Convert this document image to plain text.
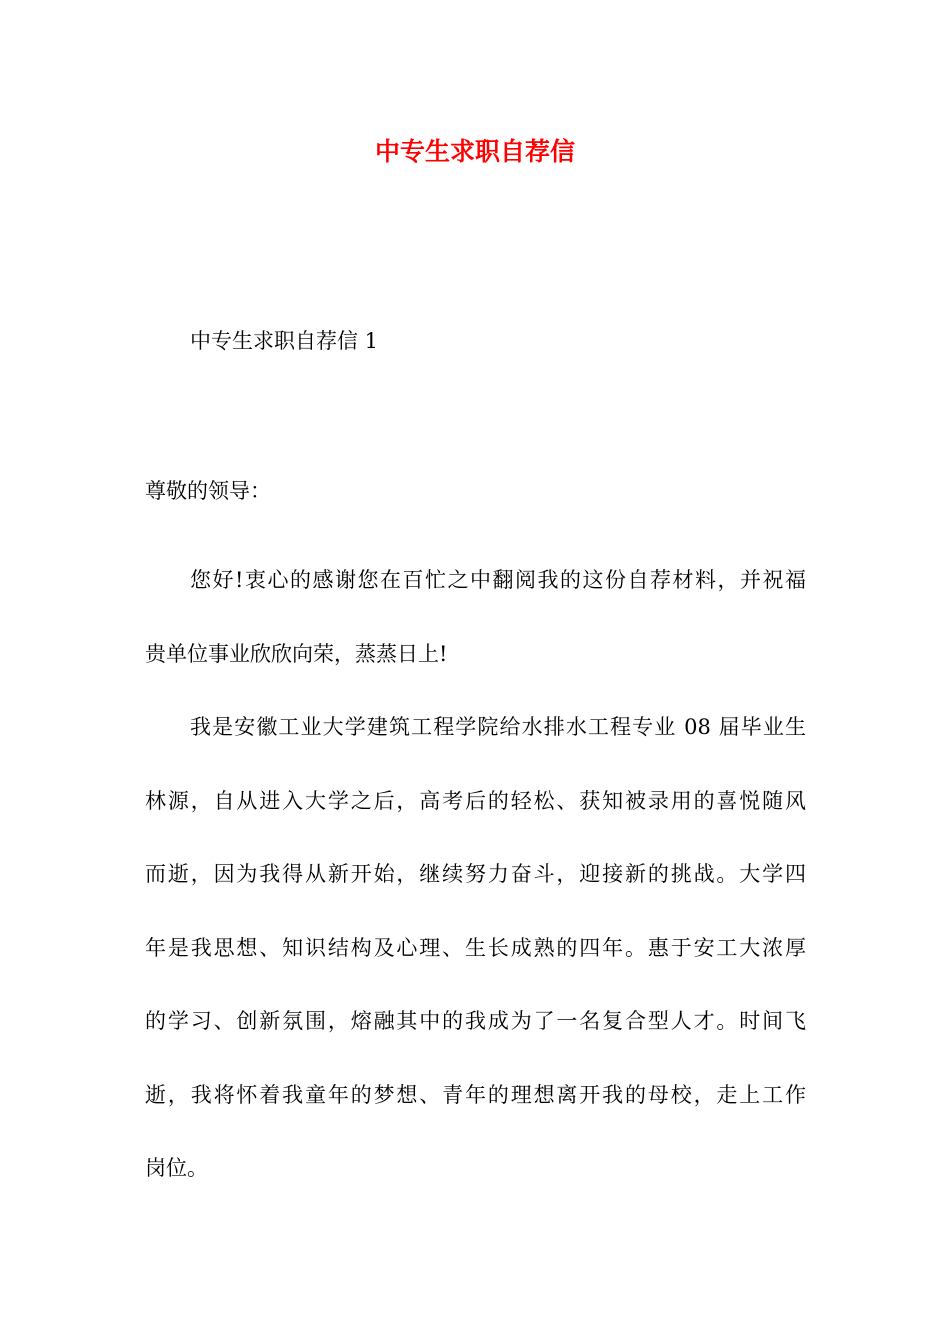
中专生求职自荐信

中专生求职自荐信 1

尊敬的领导：

您好!衷心的感谢您在百忙之中翻阅我的这份自荐材料，并祝福
贵单位事业欣欣向荣，蒸蒸日上!
我是安徽工业大学建筑工程学院给水排水工程专业 08 届毕业生
林源，自从进入大学之后，高考后的轻松、获知被录用的喜悦随风
而逝，因为我得从新开始，继续努力奋斗，迎接新的挑战。大学四
年是我思想、知识结构及心理、生长成熟的四年。惠于安工大浓厚
的学习、创新氛围，熔融其中的我成为了一名复合型人才。时间飞
逝，我将怀着我童年的梦想、青年的理想离开我的母校，走上工作
岗位。
